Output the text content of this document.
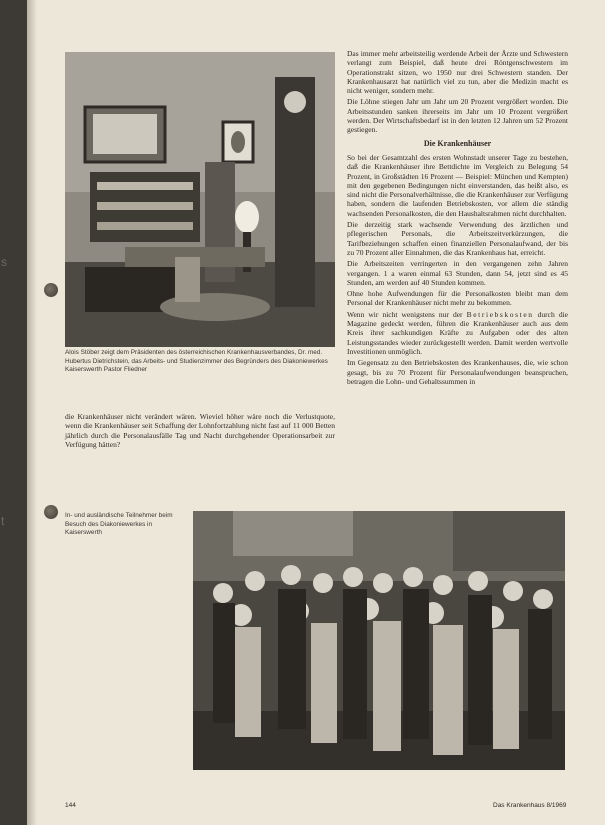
Alois Stöber zeigt dem Präsidenten des österreichischen Krankenhausverbandes, Dr. med. Hubertus Dietrichstein, das Arbeits- und Studienzimmer des Begründers des Diakoniewerkes Kaiserswerth Pastor Fliedner

die Krankenhäuser nicht verändert wären. Wieviel höher wäre noch die Verlustquote, wenn die Krankenhäuser seit Schaffung der Lohnfortzahlung nicht fast auf 11 000 Betten jährlich durch die Personalausfälle Tag und Nacht durchgehender Operationsarbeit zur Verfügung hätten?

Das immer mehr arbeitsteilig werdende Arbeit der Ärzte und Schwestern verlangt zum Beispiel, daß heute drei Röntgenschwestern im Operationstrakt sitzen, wo 1950 nur drei Schwestern standen. Der Krankenhausarzt hat natürlich viel zu tun, aber die Medizin macht es nicht weniger, sondern mehr.

Die Löhne stiegen Jahr um Jahr um 20 Prozent vergrößert worden. Die Arbeitsstunden sanken ihrerseits im Jahr um 10 Prozent vergrößert werden. Der Wirtschaftsbedarf ist in den letzten 12 Jahren um 52 Prozent gestiegen.

Die Krankenhäuser

So bei der Gesamtzahl des ersten Wohnstadt unserer Tage zu bestehen, daß die Krankenhäuser ihre Bettdichte im Vergleich zu Belegung 54 Prozent, in Großstädten 16 Prozent — Beispiel: München und Kempten) mit den gegebenen Bedingungen nicht einverstanden, das heißt also, es sind nicht die Personalverhältnisse, die die Krankenhäuser zur Verfügung haben, sondern die laufenden Betriebskosten, vor allem die ständig wachsenden Personalkosten, die den Haushaltsrahmen nicht durchhalten.

Die derzeitig stark wachsende Verwendung des ärztlichen und pflegerischen Personals, die Arbeitszeitverkürzungen, die Tarifbeziehungen schaffen einen finanziellen Personalaufwand, der bis zu 70 Prozent aller Einnahmen, die das Krankenhaus hat, erreicht.

Die Arbeitszeiten verringerten in den vergangenen zehn Jahren vergangen. 1 a waren einmal 63 Stunden, dann 54, jetzt sind es 45 Stunden, am werden auf 40 Stunden kommen.

Ohne hohe Aufwendungen für die Personalkosten bleibt man dem Personal der Krankenhäuser nicht mehr zu bekommen.

Wenn wir nicht wenigstens nur der Betriebskosten durch die Magazine gedeckt werden, führen die Krankenhäuser auch aus dem Kreis ihrer sachkundigen Kräfte zu Aufgaben oder des alten Leistungsstandes wieder zurückgestellt werden. Damit werden wertvolle Investitionen unmöglich.

Im Gegensatz zu den Betriebskosten des Krankenhauses, die, wie schon gesagt, bis zu 70 Prozent für Personalaufwendungen beanspruchen, betragen die Lohn- und Gehaltssummen in

In- und ausländische Teilnehmer beim Besuch des Diakoniewerkes in Kaiserswerth
144	Das Krankenhaus 8/1969
s
t
